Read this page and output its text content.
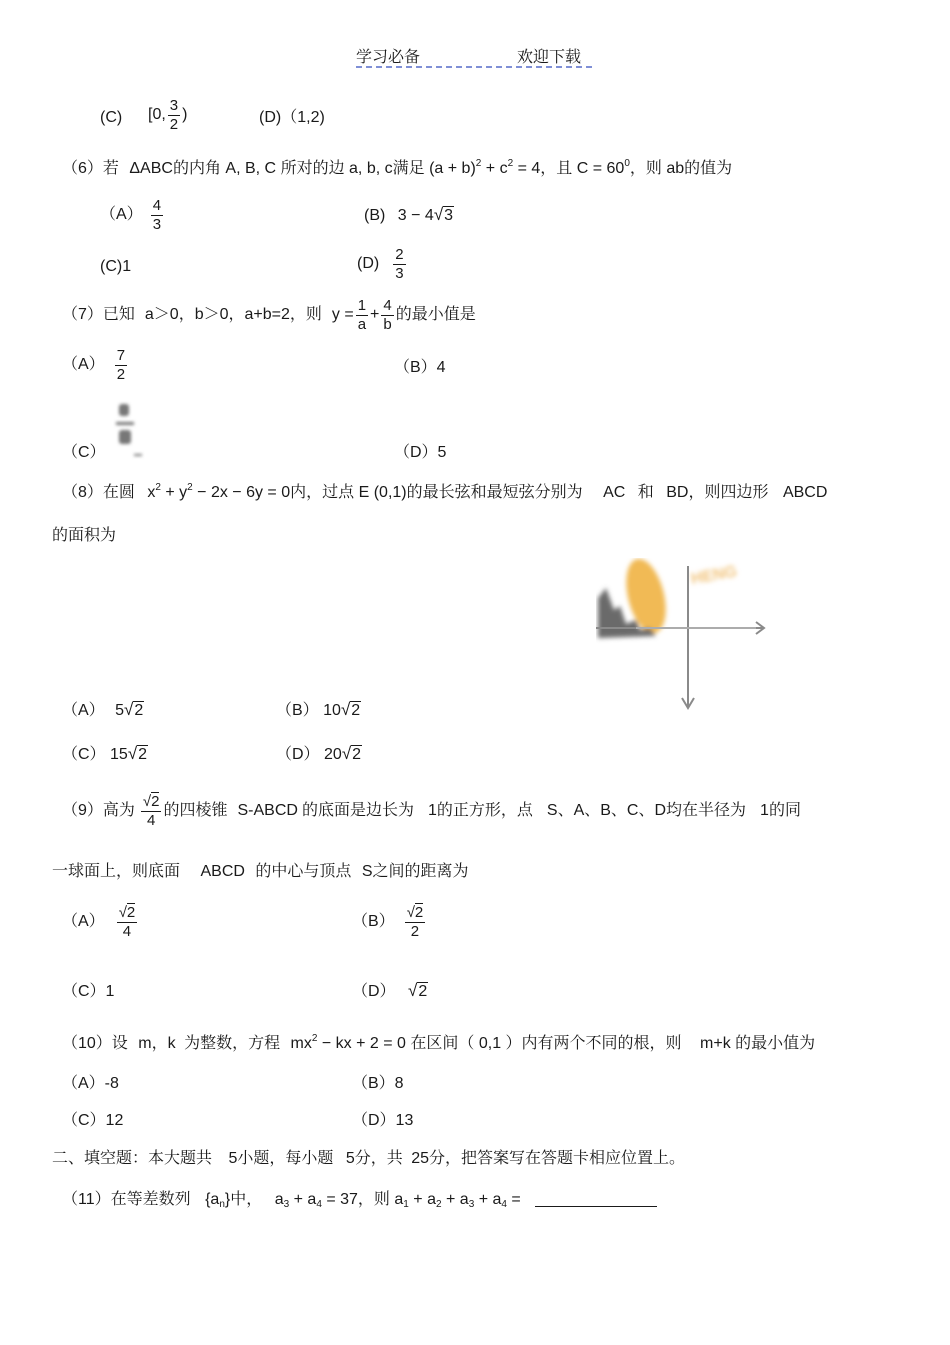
学习必备	欢迎下载
(C) [0, $\frac{3}{2}$ )	(D)（1,2)
（6）若 ΔABC的内角 A, B, C 所对的边 a, b, c满足 $(a + b)^2 + c^2 = 4$，且 $C = 60^0$，则 ab的值为
$(A) \frac{4}{3}$	(B) 3 − 4√3
(C)1	$(D) \frac{2}{3}$
（7）已知 a＞0，b＞0，a+b=2，则 $y = \frac{1}{a} + \frac{4}{b}$ 的最小值是
$(A) \frac{7}{2}$	（B）4
（C）	（D）5
（8）在圆 $x^2 + y^2 - 2x - 6y = 0$内，过点 E (0,1)的最长弦和最短弦分别为 AC 和 BD，则四边形 ABCD
的面积为
HENG
（A） 5√2	（B） 10√2
（C） 15√2	（D） 20√2
（9）高为 $\frac{√2}{4}$ 的四棱锥 S-ABCD 的底面是边长为 1 的正方形，点 S、A、B、C、D 均在半径为 1 的同
一球面上，则底面 ABCD 的中心与顶点 S之间的距离为
$(A) \frac{√2}{4}$	$(B) \frac{√2}{2}$
（C）1	（D） √2
（10）设 m，k 为整数，方程 $mx^2$ − kx + 2 = 0 在区间（ 0,1 ）内有两个不同的根，则 m+k 的最小值为
（A）-8	（B）8
（C）12	（D）13
二、填空题：本大题共 5小题，每小题 5分，共 25分，把答案写在答题卡相应位置上。
（11）在等差数列 $\{a_n\}$中， $a_3 + a_4 = 37$，则 $a_1 + a_2 + a_3 + a_4$ =
